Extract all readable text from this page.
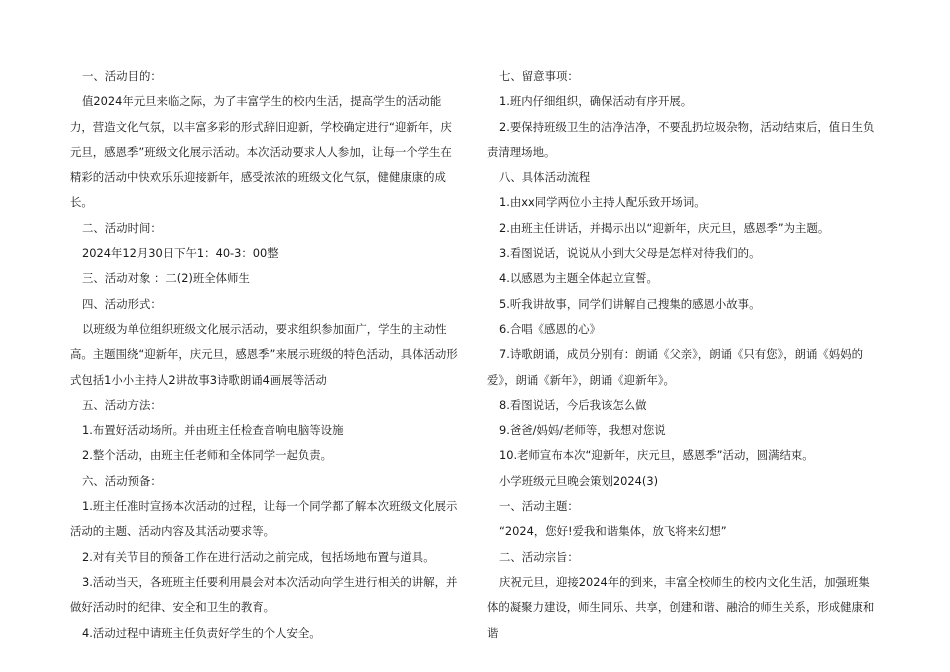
一、活动目的：

值2024年元旦来临之际，为了丰富学生的校内生活，提高学生的活动能力，营造文化气氛，以丰富多彩的形式辞旧迎新，学校确定进行“迎新年，庆元旦，感恩季”班级文化展示活动。本次活动要求人人参加，让每一个学生在精彩的活动中快欢乐乐迎接新年，感受浓浓的班级文化气氛，健健康康的成长。

二、活动时间：

2024年12月30日下午1：40-3：00整

三、活动对象 ：二(2)班全体师生

四、活动形式：

以班级为单位组织班级文化展示活动，要求组织参加面广，学生的主动性高。主题围绕“迎新年，庆元旦，感恩季”来展示班级的特色活动，具体活动形式包括1小小主持人2讲故事3诗歌朗诵4画展等活动

五、活动方法：

1.布置好活动场所。并由班主任检查音响电脑等设施

2.整个活动，由班主任老师和全体同学一起负责。

六、活动预备：

1.班主任准时宣扬本次活动的过程，让每一个同学都了解本次班级文化展示活动的主题、活动内容及其活动要求等。

2.对有关节目的预备工作在进行活动之前完成，包括场地布置与道具。

3.活动当天，各班班主任要利用晨会对本次活动向学生进行相关的讲解，并做好活动时的纪律、安全和卫生的教育。

4.活动过程中请班主任负责好学生的个人安全。

七、留意事项：

1.班内仔细组织，确保活动有序开展。

2.要保持班级卫生的洁净洁净，不要乱扔垃圾杂物，活动结束后，值日生负责清理场地。

八、具体活动流程

1.由xx同学两位小主持人配乐致开场词。

2.由班主任讲话，并揭示出以“迎新年，庆元旦，感恩季”为主题。

3.看图说话，说说从小到大父母是怎样对待我们的。

4.以感恩为主题全体起立宣誓。

5.听我讲故事，同学们讲解自己搜集的感恩小故事。

6.合唱《感恩的心》

7.诗歌朗诵，成员分别有：朗诵《父亲》，朗诵《只有您》，朗诵《妈妈的爱》，朗诵《新年》，朗诵《迎新年》。

8.看图说话，今后我该怎么做

9.爸爸/妈妈/老师等，我想对您说

10.老师宣布本次“迎新年，庆元旦，感恩季”活动，圆满结束。

小学班级元旦晚会策划2024(3)

一、活动主题：

“2024，您好!爱我和谐集体，放飞将来幻想”

二、活动宗旨：

庆祝元旦，迎接2024年的到来，丰富全校师生的校内文化生活，加强班集体的凝聚力建设，师生同乐、共享，创建和谐、融洽的师生关系，形成健康和谐
